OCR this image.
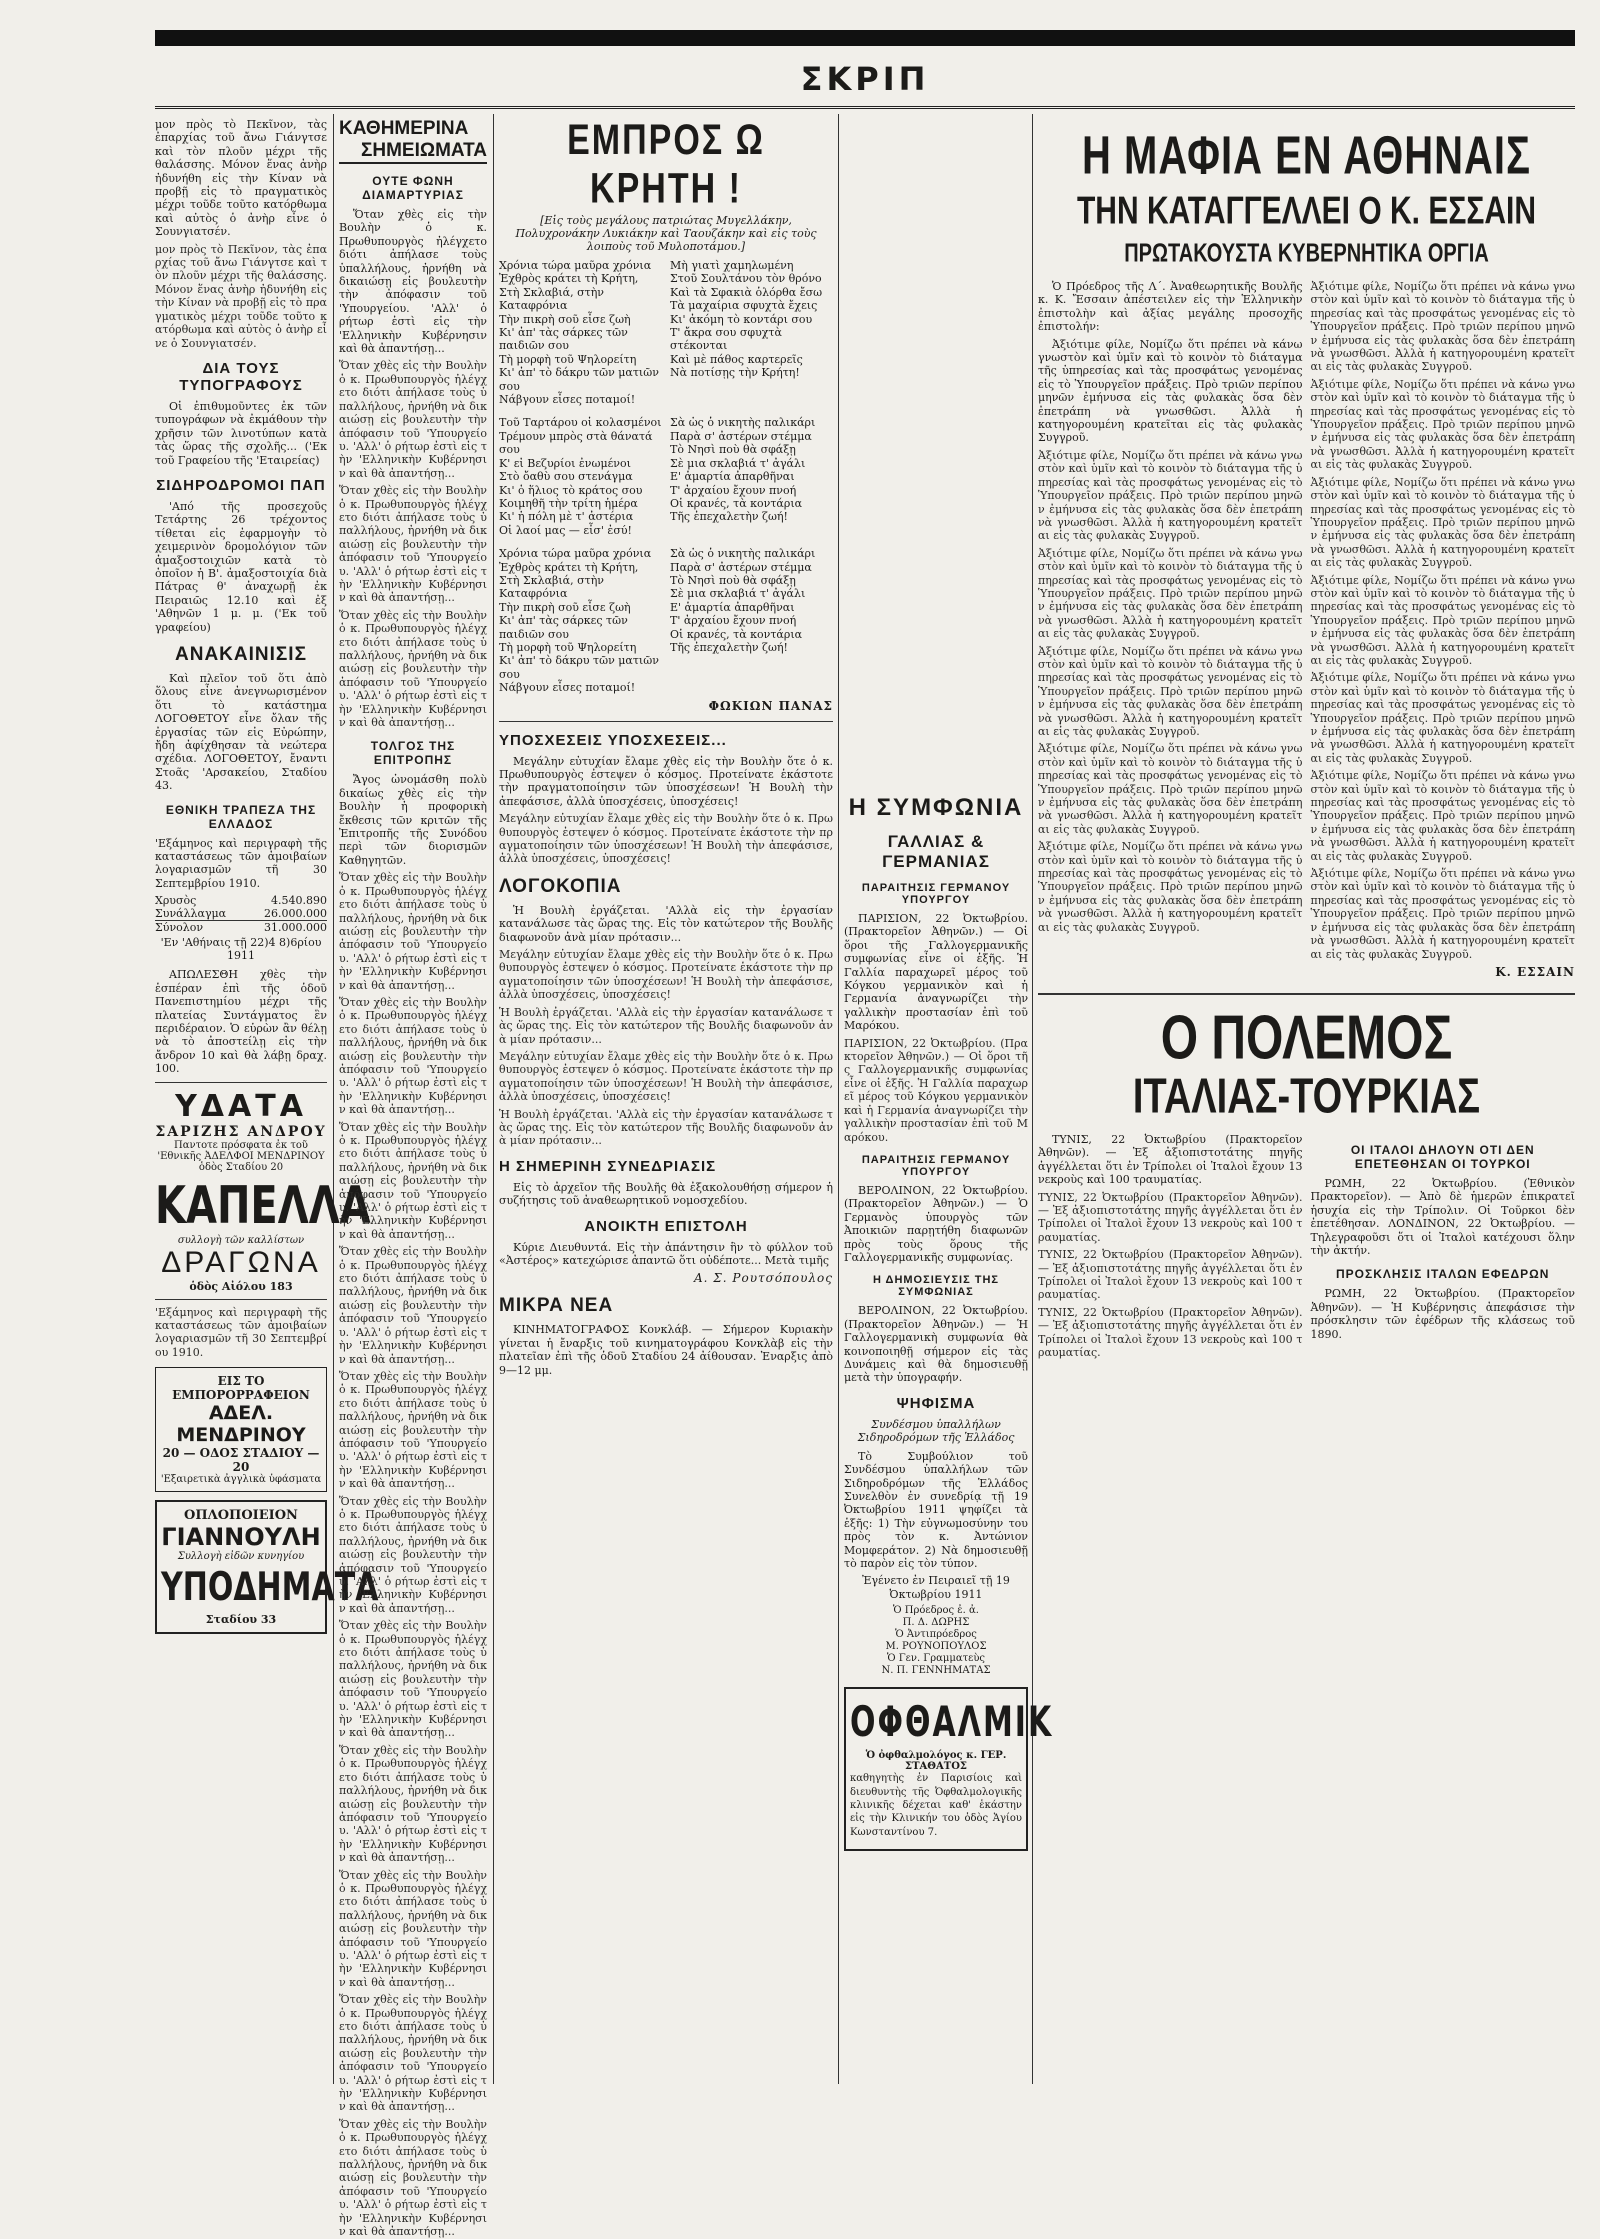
ΣΚΡΙΠ

μον πρὸς τὸ Πεκῖνον, τὰς ἐπαρχίας τοῦ ἄνω Γιάνγτσε καὶ τὸν πλοῦν μέχρι τῆς θαλάσσης. Μόνον ἕνας ἀνὴρ ἠδυνήθη εἰς τὴν Κίναν νὰ προβῇ εἰς τὸ πραγματικὸς μέχρι τοῦδε τοῦτο κατόρθωμα καὶ αὐτὸς ὁ ἀνὴρ εἶνε ὁ Σουνγιατσέν.

μον πρὸς τὸ Πεκῖνον, τὰς ἐπαρχίας τοῦ ἄνω Γιάνγτσε καὶ τὸν πλοῦν μέχρι τῆς θαλάσσης. Μόνον ἕνας ἀνὴρ ἠδυνήθη εἰς τὴν Κίναν νὰ προβῇ εἰς τὸ πραγματικὸς μέχρι τοῦδε τοῦτο κατόρθωμα καὶ αὐτὸς ὁ ἀνὴρ εἶνε ὁ Σουνγιατσέν.

ΔΙΑ ΤΟΥΣ ΤΥΠΟΓΡΑΦΟΥΣ

Οἱ ἐπιθυμοῦντες ἐκ τῶν τυπογράφων νὰ ἐκμάθουν τὴν χρῆσιν τῶν λινοτύπων κατὰ τὰς ὥρας τῆς σχολῆς... ('Εκ τοῦ Γραφείου τῆς 'Εταιρείας)

ΣΙΔΗΡΟΔΡΟΜΟΙ ΠΑΠ

'Από τῆς προσεχοῦς Τετάρτης 26 τρέχοντος τίθεται εἰς ἐφαρμογὴν τὸ χειμερινὸν δρομολόγιον τῶν ἀμαξοστοιχιῶν κατὰ τὸ ὁποῖον ἡ Β'. ἀμαξοστοιχία διὰ Πάτρας θ' ἀναχωρῇ ἐκ Πειραιῶς 12.10 καὶ ἐξ 'Αθηνῶν 1 μ. μ. ('Εκ τοῦ γραφείου)

ΑΝΑΚΑΙΝΙΣΙΣ

Καὶ πλεῖον τοῦ ὅτι ἀπὸ ὅλους εἶνε ἀνεγνωρισμένον ὅτι τὸ κατάστημα ΛΟΓΟΘΕΤΟΥ εἶνε ὄλαν τῆς ἐργασίας τῶν εἰς Εὐρώπην, ἤδη ἀφίχθησαν τὰ νεώτερα σχέδια. ΛΟΓΟΘΕΤΟΥ, ἔναντι Στοᾶς 'Αρσακείου, Σταδίου 43.

ΕΘΝΙΚΗ ΤΡΑΠΕΖΑ ΤΗΣ ΕΛΛΑΔΟΣ

'Εξάμηνος καὶ περιγραφὴ τῆς καταστάσεως τῶν ἀμοιβαίων λογαριασμῶν τῆ 30 Σεπτεμβρίου 1910.

Χρυσὸς	4.540.890
Συνάλλαγμα	26.000.000
Σύνολον	31.000.000
'Εν 'Αθήναις τῇ 22)4 8)6ρίου 1911

ΑΠΩΛΕΣΘΗ χθὲς τὴν ἑσπέραν ἐπὶ τῆς ὁδοῦ Πανεπιστημίου μέχρι τῆς πλατείας Συντάγματος ἓν περιδέραιον. Ὁ εὑρὼν ἂν θέλῃ νὰ τὸ ἀποστείλῃ εἰς τὴν ἄνδρον 10 καὶ θὰ λάβῃ δραχ. 100.

ΥΔΑΤΑ
ΣΑΡΙΖΗΣ ΑΝΔΡΟΥ
Παντοτε πρόσφατα ἐκ τοῦ 'Εθνικῆς ἈΔΕΛΦΟΙ ΜΕΝΔΡΙΝΟΥ ὁδὸς Σταδίου 20
ΚΑΠΕΛΛΑ
συλλογὴ τῶν καλλίστων
ΔΡΑΓΩΝΑ
ὁδὸς Αἰόλου 183

'Εξάμηνος καὶ περιγραφὴ τῆς καταστάσεως τῶν ἀμοιβαίων λογαριασμῶν τῆ 30 Σεπτεμβρίου 1910.

ΕΙΣ ΤΟ ΕΜΠΟΡΟΡΡΑΦΕΙΟΝ
ΑΔΕΛ. ΜΕΝΔΡΙΝΟΥ
20 — ΟΔΟΣ ΣΤΑΔΙΟΥ — 20
'Εξαιρετικὰ ἀγγλικὰ ὑφάσματα
ΟΠΛΟΠΟΙΕΙΟΝ
ΓΙΑΝΝΟΥΛΗ
Συλλογὴ εἰδῶν κυνηγίου
ΥΠΟΔΗΜΑΤΑ
Σταδίου 33
ΚΑΘΗΜΕΡΙΝΑ
ΣΗΜΕΙΩΜΑΤΑ
ΟΥΤΕ ΦΩΝΗ ΔΙΑΜΑΡΤΥΡΙΑΣ

Ὅταν χθὲς εἰς τὴν Βουλὴν ὁ κ. Πρωθυπουργὸς ἠλέγχετο διότι ἀπήλασε τοὺς ὑπαλλήλους, ἠρνήθη νὰ δικαιώσῃ εἰς βουλευτὴν τὴν ἀπόφασιν τοῦ 'Υπουργείου. 'Αλλ' ὁ ρήτωρ ἐστὶ εἰς τὴν 'Ελληνικὴν Κυβέρνησιν καὶ θὰ ἀπαντήσῃ...

Ὅταν χθὲς εἰς τὴν Βουλὴν ὁ κ. Πρωθυπουργὸς ἠλέγχετο διότι ἀπήλασε τοὺς ὑπαλλήλους, ἠρνήθη νὰ δικαιώσῃ εἰς βουλευτὴν τὴν ἀπόφασιν τοῦ 'Υπουργείου. 'Αλλ' ὁ ρήτωρ ἐστὶ εἰς τὴν 'Ελληνικὴν Κυβέρνησιν καὶ θὰ ἀπαντήσῃ...

Ὅταν χθὲς εἰς τὴν Βουλὴν ὁ κ. Πρωθυπουργὸς ἠλέγχετο διότι ἀπήλασε τοὺς ὑπαλλήλους, ἠρνήθη νὰ δικαιώσῃ εἰς βουλευτὴν τὴν ἀπόφασιν τοῦ 'Υπουργείου. 'Αλλ' ὁ ρήτωρ ἐστὶ εἰς τὴν 'Ελληνικὴν Κυβέρνησιν καὶ θὰ ἀπαντήσῃ...

Ὅταν χθὲς εἰς τὴν Βουλὴν ὁ κ. Πρωθυπουργὸς ἠλέγχετο διότι ἀπήλασε τοὺς ὑπαλλήλους, ἠρνήθη νὰ δικαιώσῃ εἰς βουλευτὴν τὴν ἀπόφασιν τοῦ 'Υπουργείου. 'Αλλ' ὁ ρήτωρ ἐστὶ εἰς τὴν 'Ελληνικὴν Κυβέρνησιν καὶ θὰ ἀπαντήσῃ...

ΤΟΛΓΟΣ ΤΗΣ ΕΠΙΤΡΟΠΗΣ

Ἄγος ὠνομάσθη πολὺ δικαίως χθὲς εἰς τὴν Βουλὴν ἡ προφορικὴ ἔκθεσις τῶν κριτῶν τῆς Ἐπιτροπῆς τῆς Συνόδου περὶ τῶν διορισμῶν Καθηγητῶν.

Ὅταν χθὲς εἰς τὴν Βουλὴν ὁ κ. Πρωθυπουργὸς ἠλέγχετο διότι ἀπήλασε τοὺς ὑπαλλήλους, ἠρνήθη νὰ δικαιώσῃ εἰς βουλευτὴν τὴν ἀπόφασιν τοῦ 'Υπουργείου. 'Αλλ' ὁ ρήτωρ ἐστὶ εἰς τὴν 'Ελληνικὴν Κυβέρνησιν καὶ θὰ ἀπαντήσῃ...

Ὅταν χθὲς εἰς τὴν Βουλὴν ὁ κ. Πρωθυπουργὸς ἠλέγχετο διότι ἀπήλασε τοὺς ὑπαλλήλους, ἠρνήθη νὰ δικαιώσῃ εἰς βουλευτὴν τὴν ἀπόφασιν τοῦ 'Υπουργείου. 'Αλλ' ὁ ρήτωρ ἐστὶ εἰς τὴν 'Ελληνικὴν Κυβέρνησιν καὶ θὰ ἀπαντήσῃ...

Ὅταν χθὲς εἰς τὴν Βουλὴν ὁ κ. Πρωθυπουργὸς ἠλέγχετο διότι ἀπήλασε τοὺς ὑπαλλήλους, ἠρνήθη νὰ δικαιώσῃ εἰς βουλευτὴν τὴν ἀπόφασιν τοῦ 'Υπουργείου. 'Αλλ' ὁ ρήτωρ ἐστὶ εἰς τὴν 'Ελληνικὴν Κυβέρνησιν καὶ θὰ ἀπαντήσῃ...

Ὅταν χθὲς εἰς τὴν Βουλὴν ὁ κ. Πρωθυπουργὸς ἠλέγχετο διότι ἀπήλασε τοὺς ὑπαλλήλους, ἠρνήθη νὰ δικαιώσῃ εἰς βουλευτὴν τὴν ἀπόφασιν τοῦ 'Υπουργείου. 'Αλλ' ὁ ρήτωρ ἐστὶ εἰς τὴν 'Ελληνικὴν Κυβέρνησιν καὶ θὰ ἀπαντήσῃ...

Ὅταν χθὲς εἰς τὴν Βουλὴν ὁ κ. Πρωθυπουργὸς ἠλέγχετο διότι ἀπήλασε τοὺς ὑπαλλήλους, ἠρνήθη νὰ δικαιώσῃ εἰς βουλευτὴν τὴν ἀπόφασιν τοῦ 'Υπουργείου. 'Αλλ' ὁ ρήτωρ ἐστὶ εἰς τὴν 'Ελληνικὴν Κυβέρνησιν καὶ θὰ ἀπαντήσῃ...

Ὅταν χθὲς εἰς τὴν Βουλὴν ὁ κ. Πρωθυπουργὸς ἠλέγχετο διότι ἀπήλασε τοὺς ὑπαλλήλους, ἠρνήθη νὰ δικαιώσῃ εἰς βουλευτὴν τὴν ἀπόφασιν τοῦ 'Υπουργείου. 'Αλλ' ὁ ρήτωρ ἐστὶ εἰς τὴν 'Ελληνικὴν Κυβέρνησιν καὶ θὰ ἀπαντήσῃ...

Ὅταν χθὲς εἰς τὴν Βουλὴν ὁ κ. Πρωθυπουργὸς ἠλέγχετο διότι ἀπήλασε τοὺς ὑπαλλήλους, ἠρνήθη νὰ δικαιώσῃ εἰς βουλευτὴν τὴν ἀπόφασιν τοῦ 'Υπουργείου. 'Αλλ' ὁ ρήτωρ ἐστὶ εἰς τὴν 'Ελληνικὴν Κυβέρνησιν καὶ θὰ ἀπαντήσῃ...

Ὅταν χθὲς εἰς τὴν Βουλὴν ὁ κ. Πρωθυπουργὸς ἠλέγχετο διότι ἀπήλασε τοὺς ὑπαλλήλους, ἠρνήθη νὰ δικαιώσῃ εἰς βουλευτὴν τὴν ἀπόφασιν τοῦ 'Υπουργείου. 'Αλλ' ὁ ρήτωρ ἐστὶ εἰς τὴν 'Ελληνικὴν Κυβέρνησιν καὶ θὰ ἀπαντήσῃ...

Ὅταν χθὲς εἰς τὴν Βουλὴν ὁ κ. Πρωθυπουργὸς ἠλέγχετο διότι ἀπήλασε τοὺς ὑπαλλήλους, ἠρνήθη νὰ δικαιώσῃ εἰς βουλευτὴν τὴν ἀπόφασιν τοῦ 'Υπουργείου. 'Αλλ' ὁ ρήτωρ ἐστὶ εἰς τὴν 'Ελληνικὴν Κυβέρνησιν καὶ θὰ ἀπαντήσῃ...

Ὅταν χθὲς εἰς τὴν Βουλὴν ὁ κ. Πρωθυπουργὸς ἠλέγχετο διότι ἀπήλασε τοὺς ὑπαλλήλους, ἠρνήθη νὰ δικαιώσῃ εἰς βουλευτὴν τὴν ἀπόφασιν τοῦ 'Υπουργείου. 'Αλλ' ὁ ρήτωρ ἐστὶ εἰς τὴν 'Ελληνικὴν Κυβέρνησιν καὶ θὰ ἀπαντήσῃ...

Ὅταν χθὲς εἰς τὴν Βουλὴν ὁ κ. Πρωθυπουργὸς ἠλέγχετο διότι ἀπήλασε τοὺς ὑπαλλήλους, ἠρνήθη νὰ δικαιώσῃ εἰς βουλευτὴν τὴν ἀπόφασιν τοῦ 'Υπουργείου. 'Αλλ' ὁ ρήτωρ ἐστὶ εἰς τὴν 'Ελληνικὴν Κυβέρνησιν καὶ θὰ ἀπαντήσῃ...

ΕΜΠΡΟΣ Ω ΚΡΗΤΗ !
[Εἰς τοὺς μεγάλους πατριώτας Μυγελλάκην, Πολυχρονάκην Λυκιάκην καὶ Ταουζάκην καὶ εἰς τοὺς λοιποὺς τοῦ Μυλοποτάμου.]
Χρόνια τώρα μαῦρα χρόνια
Ἐχθρὸς κράτει τὴ Κρήτη,
Στὴ Σκλαβιά, στὴν Καταφρόνια
Τὴν πικρὴ σοῦ εἶσε ζωὴ
Κι' ἀπ' τὰς σάρκες τῶν παιδιῶν σου
Τὴ μορφὴ τοῦ Ψηλορείτη
Κι' ἀπ' τὸ δάκρυ τῶν ματιῶν σου
Νάβγουν εἶσες ποταμοί!
Μὴ γιατὶ χαμηλωμένη
Στοῦ Σουλτάνου τὸν θρόνο
Καὶ τὰ Σφακιὰ ὁλόρθα ἔσω
Τὰ μαχαίρια σφυχτὰ ἔχεις
Κι' ἀκόμη τὸ κοντάρι σου
Τ' ἄκρα σου σφυχτὰ στέκονται
Καὶ μὲ πάθος καρτερεῖς
Νὰ ποτίσῃς τὴν Κρήτη!
Τοῦ Ταρτάρου οἱ κολασμένοι
Τρέμουν μπρὸς στὰ θάνατά σου
Κ' εἰ Βεζυρίοι ἐνωμένοι
Στὸ ὄαθὺ σου στενάγμα
Κι' ὁ ἥλιος τὸ κράτος σου
Κοιμηθῆ τὴν τρίτη ἡμέρα
Κι' ἡ πόλη μὲ τ' ἀστέρια
Οἱ λαοί μας — εἶσ' ἐσύ!
Σὰ ὡς ὁ νικητὴς παλικάρι
Παρὰ σ' ἀστέρων στέμμα
Τὸ Νησὶ ποὺ θὰ σφάξῃ
Σὲ μια σκλαβιά τ' ἀγάλι
Ε' ἁμαρτία ἀπαρθῆναι
Τ' ἀρχαίου ἔχουν πνοή
Οἱ κρανές, τὰ κοντάρια
Τῆς ἐπεχαλετὴν ζωή!
Χρόνια τώρα μαῦρα χρόνια
Ἐχθρὸς κράτει τὴ Κρήτη,
Στὴ Σκλαβιά, στὴν Καταφρόνια
Τὴν πικρὴ σοῦ εἶσε ζωὴ
Κι' ἀπ' τὰς σάρκες τῶν παιδιῶν σου
Τὴ μορφὴ τοῦ Ψηλορείτη
Κι' ἀπ' τὸ δάκρυ τῶν ματιῶν σου
Νάβγουν εἶσες ποταμοί!
Σὰ ὡς ὁ νικητὴς παλικάρι
Παρὰ σ' ἀστέρων στέμμα
Τὸ Νησὶ ποὺ θὰ σφάξῃ
Σὲ μια σκλαβιά τ' ἀγάλι
Ε' ἁμαρτία ἀπαρθῆναι
Τ' ἀρχαίου ἔχουν πνοή
Οἱ κρανές, τὰ κοντάρια
Τῆς ἐπεχαλετὴν ζωή!
ΦΩΚΙΩΝ ΠΑΝΑΣ
ΥΠΟΣΧΕΣΕΙΣ ΥΠΟΣΧΕΣΕΙΣ...

Μεγάλην εὐτυχίαν ἔλαμε χθὲς εἰς τὴν Βουλὴν ὅτε ὁ κ. Πρωθυπουργὸς ἐστεψεν ὁ κόσμος. Προτείνατε ἑκάστοτε τὴν πραγματοποίησιν τῶν ὑποσχέσεων! Ἡ Βουλὴ τὴν ἀπεφάσισε, ἀλλὰ ὑποσχέσεις, ὑποσχέσεις!

Μεγάλην εὐτυχίαν ἔλαμε χθὲς εἰς τὴν Βουλὴν ὅτε ὁ κ. Πρωθυπουργὸς ἐστεψεν ὁ κόσμος. Προτείνατε ἑκάστοτε τὴν πραγματοποίησιν τῶν ὑποσχέσεων! Ἡ Βουλὴ τὴν ἀπεφάσισε, ἀλλὰ ὑποσχέσεις, ὑποσχέσεις!

ΛΟΓΟΚΟΠΙΑ

Ἡ Βουλὴ ἐργάζεται. 'Αλλὰ εἰς τὴν ἐργασίαν κατανάλωσε τὰς ὥρας της. Εἰς τὸν κατώτερον τῆς Βουλῆς διαφωνοῦν ἀνὰ μίαν πρότασιν...

Μεγάλην εὐτυχίαν ἔλαμε χθὲς εἰς τὴν Βουλὴν ὅτε ὁ κ. Πρωθυπουργὸς ἐστεψεν ὁ κόσμος. Προτείνατε ἑκάστοτε τὴν πραγματοποίησιν τῶν ὑποσχέσεων! Ἡ Βουλὴ τὴν ἀπεφάσισε, ἀλλὰ ὑποσχέσεις, ὑποσχέσεις!

Ἡ Βουλὴ ἐργάζεται. 'Αλλὰ εἰς τὴν ἐργασίαν κατανάλωσε τὰς ὥρας της. Εἰς τὸν κατώτερον τῆς Βουλῆς διαφωνοῦν ἀνὰ μίαν πρότασιν...

Μεγάλην εὐτυχίαν ἔλαμε χθὲς εἰς τὴν Βουλὴν ὅτε ὁ κ. Πρωθυπουργὸς ἐστεψεν ὁ κόσμος. Προτείνατε ἑκάστοτε τὴν πραγματοποίησιν τῶν ὑποσχέσεων! Ἡ Βουλὴ τὴν ἀπεφάσισε, ἀλλὰ ὑποσχέσεις, ὑποσχέσεις!

Ἡ Βουλὴ ἐργάζεται. 'Αλλὰ εἰς τὴν ἐργασίαν κατανάλωσε τὰς ὥρας της. Εἰς τὸν κατώτερον τῆς Βουλῆς διαφωνοῦν ἀνὰ μίαν πρότασιν...

Η ΣΗΜΕΡΙΝΗ ΣΥΝΕΔΡΙΑΣΙΣ

Εἰς τὸ ἀρχεῖον τῆς Βουλῆς θὰ ἐξακολουθήσῃ σήμερον ἡ συζήτησις τοῦ ἀναθεωρητικοῦ νομοσχεδίου.

ΑΝΟΙΚΤΗ ΕΠΙΣΤΟΛΗ

Κύριε Διευθυντά. Εἰς τὴν ἀπάντησιν ἣν τὸ φύλλον τοῦ «Ἀστέρος» κατεχώρισε ἀπαντῶ ὅτι οὐδέποτε... Μετὰ τιμῆς

Α. Σ. Ρουτσόπουλος
ΜΙΚΡΑ ΝΕΑ

ΚΙΝΗΜΑΤΟΓΡΑΦΟΣ Κονκλάβ. — Σήμερον Κυριακὴν γίνεται ἡ ἔναρξις τοῦ κινηματογράφου Κονκλὰβ εἰς τὴν πλατεῖαν ἐπὶ τῆς ὁδοῦ Σταδίου 24 ἀίθουσαν. Ἐναρξις ἀπὸ 9—12 μμ.

Η ΣΥΜΦΩΝΙΑ
ΓΑΛΛΙΑΣ & ΓΕΡΜΑΝΙΑΣ
ΠΑΡΑΙΤΗΣΙΣ ΓΕΡΜΑΝΟΥ ΥΠΟΥΡΓΟΥ

ΠΑΡΙΣΙΟΝ, 22 Ὀκτωβρίου. (Πρακτορεῖον Ἀθηνῶν.) — Οἱ ὅροι τῆς Γαλλογερμανικῆς συμφωνίας εἶνε οἱ ἑξῆς. Ἡ Γαλλία παραχωρεῖ μέρος τοῦ Κόγκου γερμανικὸν καὶ ἡ Γερμανία ἀναγνωρίζει τὴν γαλλικὴν προστασίαν ἐπὶ τοῦ Μαρόκου.

ΠΑΡΙΣΙΟΝ, 22 Ὀκτωβρίου. (Πρακτορεῖον Ἀθηνῶν.) — Οἱ ὅροι τῆς Γαλλογερμανικῆς συμφωνίας εἶνε οἱ ἑξῆς. Ἡ Γαλλία παραχωρεῖ μέρος τοῦ Κόγκου γερμανικὸν καὶ ἡ Γερμανία ἀναγνωρίζει τὴν γαλλικὴν προστασίαν ἐπὶ τοῦ Μαρόκου.

ΠΑΡΑΙΤΗΣΙΣ ΓΕΡΜΑΝΟΥ ΥΠΟΥΡΓΟΥ

ΒΕΡΟΛΙΝΟΝ, 22 Ὀκτωβρίου. (Πρακτορεῖον Ἀθηνῶν.) — Ὁ Γερμανὸς ὑπουργὸς τῶν Ἀποικιῶν παρῃτήθη διαφωνῶν πρὸς τοὺς ὅρους τῆς Γαλλογερμανικῆς συμφωνίας.

Η ΔΗΜΟΣΙΕΥΣΙΣ ΤΗΣ ΣΥΜΦΩΝΙΑΣ

ΒΕΡΟΛΙΝΟΝ, 22 Ὀκτωβρίου. (Πρακτορεῖον Ἀθηνῶν.) — Ἡ Γαλλογερμανικὴ συμφωνία θὰ κοινοποιηθῇ σήμερον εἰς τὰς Δυνάμεις καὶ θὰ δημοσιευθῇ μετὰ τὴν ὑπογραφήν.

ΨΗΦΙΣΜΑ
Συνδέσμου ὑπαλλήλων Σιδηροδρόμων τῆς Ἑλλάδος

Τὸ Συμβούλιον τοῦ Συνδέσμου ὑπαλλήλων τῶν Σιδηροδρόμων τῆς Ἑλλάδος Συνελθὸν ἐν συνεδρίᾳ τῇ 19 Ὀκτωβρίου 1911 ψηφίζει τὰ ἑξῆς: 1) Τὴν εὐγνωμοσύνην του πρὸς τὸν κ. Ἀντώνιον Μομφεράτον. 2) Νὰ δημοσιευθῇ τὸ παρὸν εἰς τὸν τύπον.

Ἐγένετο ἐν Πειραιεῖ τῇ 19 Ὀκτωβρίου 1911

Ὁ Πρόεδρος ἐ. ἀ.
Π. Δ. ΔΩΡΗΣ
Ὁ Ἀντιπρόεδρος
Μ. ΡΟΥΝΟΠΟΥΛΟΣ
Ὁ Γεν. Γραμματεὺς
Ν. Π. ΓΕΝΝΗΜΑΤΑΣ
ΟΦΘΑΛΜΙΚ
Ὁ ὀφθαλμολόγος κ. ΓΕΡ. ΣΤΑΘΑΤΟΣ
καθηγητὴς ἐν Παρισίοις καὶ διευθυντὴς τῆς Ὀφθαλμολογικῆς κλινικῆς δέχεται καθ' ἑκάστην εἰς τὴν Κλινικήν του ὁδὸς Ἁγίου Κωνσταντίνου 7.
Η ΜΑΦΙΑ ΕΝ ΑΘΗΝΑΙΣ
ΤΗΝ ΚΑΤΑΓΓΕΛΛΕΙ Ο Κ. ΕΣΣΑΙΝ
ΠΡΩΤΑΚΟΥΣΤΑ ΚΥΒΕΡΝΗΤΙΚΑ ΟΡΓΙΑ

Ὁ Πρόεδρος τῆς Λ΄. Ἀναθεωρητικῆς Βουλῆς κ. Κ. Ἔσσαιν ἀπέστειλεν εἰς τὴν Ἑλληνικὴν ἐπιστολὴν καὶ ἀξίας μεγάλης προσοχῆς ἐπιστολήν:

Ἀξιότιμε φίλε, Νομίζω ὅτι πρέπει νὰ κάνω γνωστὸν καὶ ὑμῖν καὶ τὸ κοινὸν τὸ διάταγμα τῆς ὑπηρεσίας καὶ τὰς προσφάτως γενομένας εἰς τὸ Ὑπουργεῖον πράξεις. Πρὸ τριῶν περίπου μηνῶν ἐμήνυσα εἰς τὰς φυλακὰς ὅσα δὲν ἐπετράπη νὰ γνωσθῶσι. Ἀλλὰ ἡ κατηγορουμένη κρατεῖται εἰς τὰς φυλακὰς Συγγροῦ.

Ἀξιότιμε φίλε, Νομίζω ὅτι πρέπει νὰ κάνω γνωστὸν καὶ ὑμῖν καὶ τὸ κοινὸν τὸ διάταγμα τῆς ὑπηρεσίας καὶ τὰς προσφάτως γενομένας εἰς τὸ Ὑπουργεῖον πράξεις. Πρὸ τριῶν περίπου μηνῶν ἐμήνυσα εἰς τὰς φυλακὰς ὅσα δὲν ἐπετράπη νὰ γνωσθῶσι. Ἀλλὰ ἡ κατηγορουμένη κρατεῖται εἰς τὰς φυλακὰς Συγγροῦ.

Ἀξιότιμε φίλε, Νομίζω ὅτι πρέπει νὰ κάνω γνωστὸν καὶ ὑμῖν καὶ τὸ κοινὸν τὸ διάταγμα τῆς ὑπηρεσίας καὶ τὰς προσφάτως γενομένας εἰς τὸ Ὑπουργεῖον πράξεις. Πρὸ τριῶν περίπου μηνῶν ἐμήνυσα εἰς τὰς φυλακὰς ὅσα δὲν ἐπετράπη νὰ γνωσθῶσι. Ἀλλὰ ἡ κατηγορουμένη κρατεῖται εἰς τὰς φυλακὰς Συγγροῦ.

Ἀξιότιμε φίλε, Νομίζω ὅτι πρέπει νὰ κάνω γνωστὸν καὶ ὑμῖν καὶ τὸ κοινὸν τὸ διάταγμα τῆς ὑπηρεσίας καὶ τὰς προσφάτως γενομένας εἰς τὸ Ὑπουργεῖον πράξεις. Πρὸ τριῶν περίπου μηνῶν ἐμήνυσα εἰς τὰς φυλακὰς ὅσα δὲν ἐπετράπη νὰ γνωσθῶσι. Ἀλλὰ ἡ κατηγορουμένη κρατεῖται εἰς τὰς φυλακὰς Συγγροῦ.

Ἀξιότιμε φίλε, Νομίζω ὅτι πρέπει νὰ κάνω γνωστὸν καὶ ὑμῖν καὶ τὸ κοινὸν τὸ διάταγμα τῆς ὑπηρεσίας καὶ τὰς προσφάτως γενομένας εἰς τὸ Ὑπουργεῖον πράξεις. Πρὸ τριῶν περίπου μηνῶν ἐμήνυσα εἰς τὰς φυλακὰς ὅσα δὲν ἐπετράπη νὰ γνωσθῶσι. Ἀλλὰ ἡ κατηγορουμένη κρατεῖται εἰς τὰς φυλακὰς Συγγροῦ.

Ἀξιότιμε φίλε, Νομίζω ὅτι πρέπει νὰ κάνω γνωστὸν καὶ ὑμῖν καὶ τὸ κοινὸν τὸ διάταγμα τῆς ὑπηρεσίας καὶ τὰς προσφάτως γενομένας εἰς τὸ Ὑπουργεῖον πράξεις. Πρὸ τριῶν περίπου μηνῶν ἐμήνυσα εἰς τὰς φυλακὰς ὅσα δὲν ἐπετράπη νὰ γνωσθῶσι. Ἀλλὰ ἡ κατηγορουμένη κρατεῖται εἰς τὰς φυλακὰς Συγγροῦ.

Ἀξιότιμε φίλε, Νομίζω ὅτι πρέπει νὰ κάνω γνωστὸν καὶ ὑμῖν καὶ τὸ κοινὸν τὸ διάταγμα τῆς ὑπηρεσίας καὶ τὰς προσφάτως γενομένας εἰς τὸ Ὑπουργεῖον πράξεις. Πρὸ τριῶν περίπου μηνῶν ἐμήνυσα εἰς τὰς φυλακὰς ὅσα δὲν ἐπετράπη νὰ γνωσθῶσι. Ἀλλὰ ἡ κατηγορουμένη κρατεῖται εἰς τὰς φυλακὰς Συγγροῦ.

Ἀξιότιμε φίλε, Νομίζω ὅτι πρέπει νὰ κάνω γνωστὸν καὶ ὑμῖν καὶ τὸ κοινὸν τὸ διάταγμα τῆς ὑπηρεσίας καὶ τὰς προσφάτως γενομένας εἰς τὸ Ὑπουργεῖον πράξεις. Πρὸ τριῶν περίπου μηνῶν ἐμήνυσα εἰς τὰς φυλακὰς ὅσα δὲν ἐπετράπη νὰ γνωσθῶσι. Ἀλλὰ ἡ κατηγορουμένη κρατεῖται εἰς τὰς φυλακὰς Συγγροῦ.

Ἀξιότιμε φίλε, Νομίζω ὅτι πρέπει νὰ κάνω γνωστὸν καὶ ὑμῖν καὶ τὸ κοινὸν τὸ διάταγμα τῆς ὑπηρεσίας καὶ τὰς προσφάτως γενομένας εἰς τὸ Ὑπουργεῖον πράξεις. Πρὸ τριῶν περίπου μηνῶν ἐμήνυσα εἰς τὰς φυλακὰς ὅσα δὲν ἐπετράπη νὰ γνωσθῶσι. Ἀλλὰ ἡ κατηγορουμένη κρατεῖται εἰς τὰς φυλακὰς Συγγροῦ.

Ἀξιότιμε φίλε, Νομίζω ὅτι πρέπει νὰ κάνω γνωστὸν καὶ ὑμῖν καὶ τὸ κοινὸν τὸ διάταγμα τῆς ὑπηρεσίας καὶ τὰς προσφάτως γενομένας εἰς τὸ Ὑπουργεῖον πράξεις. Πρὸ τριῶν περίπου μηνῶν ἐμήνυσα εἰς τὰς φυλακὰς ὅσα δὲν ἐπετράπη νὰ γνωσθῶσι. Ἀλλὰ ἡ κατηγορουμένη κρατεῖται εἰς τὰς φυλακὰς Συγγροῦ.

Ἀξιότιμε φίλε, Νομίζω ὅτι πρέπει νὰ κάνω γνωστὸν καὶ ὑμῖν καὶ τὸ κοινὸν τὸ διάταγμα τῆς ὑπηρεσίας καὶ τὰς προσφάτως γενομένας εἰς τὸ Ὑπουργεῖον πράξεις. Πρὸ τριῶν περίπου μηνῶν ἐμήνυσα εἰς τὰς φυλακὰς ὅσα δὲν ἐπετράπη νὰ γνωσθῶσι. Ἀλλὰ ἡ κατηγορουμένη κρατεῖται εἰς τὰς φυλακὰς Συγγροῦ.

Ἀξιότιμε φίλε, Νομίζω ὅτι πρέπει νὰ κάνω γνωστὸν καὶ ὑμῖν καὶ τὸ κοινὸν τὸ διάταγμα τῆς ὑπηρεσίας καὶ τὰς προσφάτως γενομένας εἰς τὸ Ὑπουργεῖον πράξεις. Πρὸ τριῶν περίπου μηνῶν ἐμήνυσα εἰς τὰς φυλακὰς ὅσα δὲν ἐπετράπη νὰ γνωσθῶσι. Ἀλλὰ ἡ κατηγορουμένη κρατεῖται εἰς τὰς φυλακὰς Συγγροῦ.

Ἀξιότιμε φίλε, Νομίζω ὅτι πρέπει νὰ κάνω γνωστὸν καὶ ὑμῖν καὶ τὸ κοινὸν τὸ διάταγμα τῆς ὑπηρεσίας καὶ τὰς προσφάτως γενομένας εἰς τὸ Ὑπουργεῖον πράξεις. Πρὸ τριῶν περίπου μηνῶν ἐμήνυσα εἰς τὰς φυλακὰς ὅσα δὲν ἐπετράπη νὰ γνωσθῶσι. Ἀλλὰ ἡ κατηγορουμένη κρατεῖται εἰς τὰς φυλακὰς Συγγροῦ.

Κ. ΕΣΣΑΙΝ
Ο ΠΟΛΕΜΟΣ
ΙΤΑΛΙΑΣ-ΤΟΥΡΚΙΑΣ

ΤΥΝΙΣ, 22 Ὀκτωβρίου (Πρακτορεῖον Ἀθηνῶν). — Ἐξ ἀξιοπιστοτάτης πηγῆς ἀγγέλλεται ὅτι ἐν Τρίπολει οἱ Ἰταλοὶ ἔχουν 13 νεκροὺς καὶ 100 τραυματίας.

ΤΥΝΙΣ, 22 Ὀκτωβρίου (Πρακτορεῖον Ἀθηνῶν). — Ἐξ ἀξιοπιστοτάτης πηγῆς ἀγγέλλεται ὅτι ἐν Τρίπολει οἱ Ἰταλοὶ ἔχουν 13 νεκροὺς καὶ 100 τραυματίας.

ΤΥΝΙΣ, 22 Ὀκτωβρίου (Πρακτορεῖον Ἀθηνῶν). — Ἐξ ἀξιοπιστοτάτης πηγῆς ἀγγέλλεται ὅτι ἐν Τρίπολει οἱ Ἰταλοὶ ἔχουν 13 νεκροὺς καὶ 100 τραυματίας.

ΤΥΝΙΣ, 22 Ὀκτωβρίου (Πρακτορεῖον Ἀθηνῶν). — Ἐξ ἀξιοπιστοτάτης πηγῆς ἀγγέλλεται ὅτι ἐν Τρίπολει οἱ Ἰταλοὶ ἔχουν 13 νεκροὺς καὶ 100 τραυματίας.

ΟΙ ΙΤΑΛΟΙ ΔΗΛΟΥΝ ΟΤΙ ΔΕΝ ΕΠΕΤΕΘΗΣΑΝ ΟΙ ΤΟΥΡΚΟΙ

ΡΩΜΗ, 22 Ὀκτωβρίου. (Ἐθνικὸν Πρακτορεῖον). — Ἀπὸ δὲ ἡμερῶν ἐπικρατεῖ ἡσυχία εἰς τὴν Τρίπολιν. Οἱ Τοῦρκοι δὲν ἐπετέθησαν. ΛΟΝΔΙΝΟΝ, 22 Ὀκτωβρίου. — Τηλεγραφοῦσι ὅτι οἱ Ἰταλοὶ κατέχουσι ὅλην τὴν ἀκτήν.

ΠΡΟΣΚΛΗΣΙΣ ΙΤΑΛΩΝ ΕΦΕΔΡΩΝ

ΡΩΜΗ, 22 Ὀκτωβρίου. (Πρακτορεῖον Ἀθηνῶν). — Ἡ Κυβέρνησις ἀπεφάσισε τὴν πρόσκλησιν τῶν ἐφέδρων τῆς κλάσεως τοῦ 1890.
